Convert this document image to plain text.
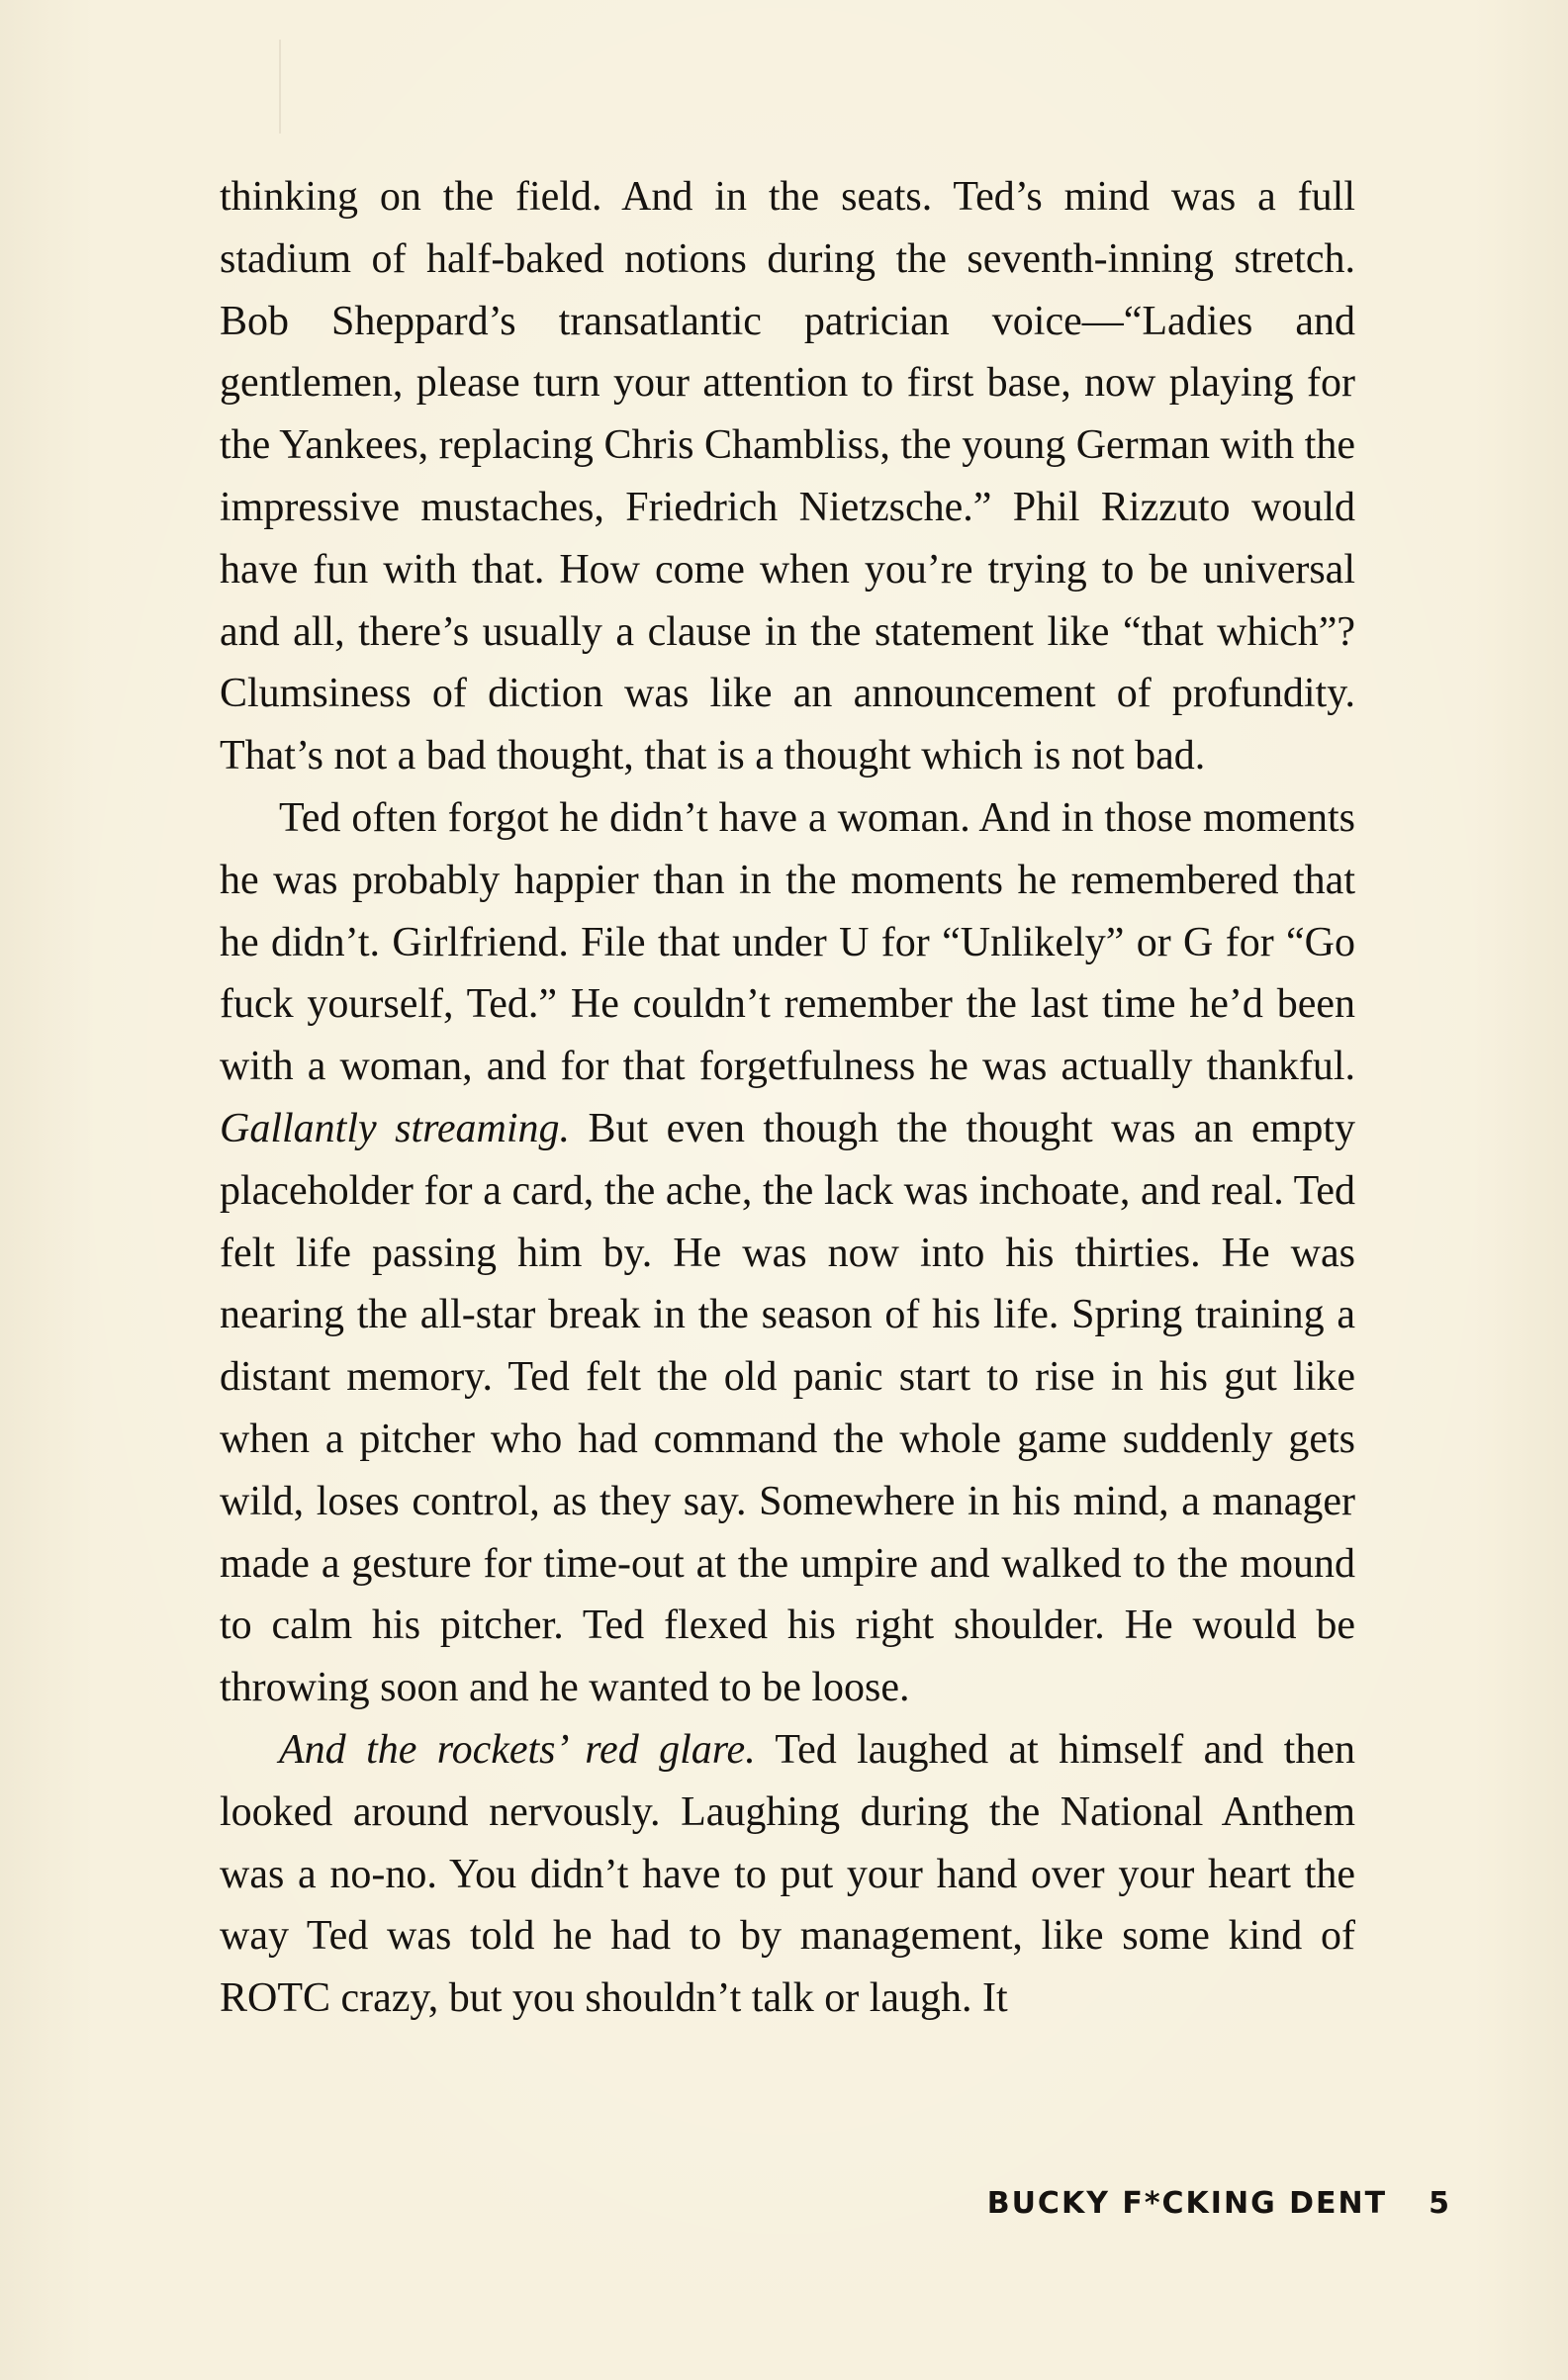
thinking on the field. And in the seats. Ted’s mind was a full stadium of half-baked notions during the seventh-inning stretch. Bob Sheppard’s transatlantic patrician voice—“Ladies and gentlemen, please turn your attention to first base, now playing for the Yankees, replacing Chris Chambliss, the young German with the impressive mustaches, Friedrich Nietzsche.” Phil Rizzuto would have fun with that. How come when you’re trying to be universal and all, there’s usually a clause in the statement like “that which”? Clumsiness of diction was like an announcement of profundity. That’s not a bad thought, that is a thought which is not bad.

Ted often forgot he didn’t have a woman. And in those moments he was probably happier than in the moments he remembered that he didn’t. Girlfriend. File that under U for “Unlikely” or G for “Go fuck yourself, Ted.” He couldn’t remember the last time he’d been with a woman, and for that forgetfulness he was actually thankful. Gallantly streaming. But even though the thought was an empty placeholder for a card, the ache, the lack was inchoate, and real. Ted felt life passing him by. He was now into his thirties. He was nearing the all-star break in the season of his life. Spring training a distant memory. Ted felt the old panic start to rise in his gut like when a pitcher who had command the whole game suddenly gets wild, loses control, as they say. Somewhere in his mind, a manager made a gesture for time-out at the umpire and walked to the mound to calm his pitcher. Ted flexed his right shoulder. He would be throwing soon and he wanted to be loose.

And the rockets’ red glare. Ted laughed at himself and then looked around nervously. Laughing during the National Anthem was a no-no. You didn’t have to put your hand over your heart the way Ted was told he had to by management, like some kind of ROTC crazy, but you shouldn’t talk or laugh. It

BUCKY F*CKING DENT 5
